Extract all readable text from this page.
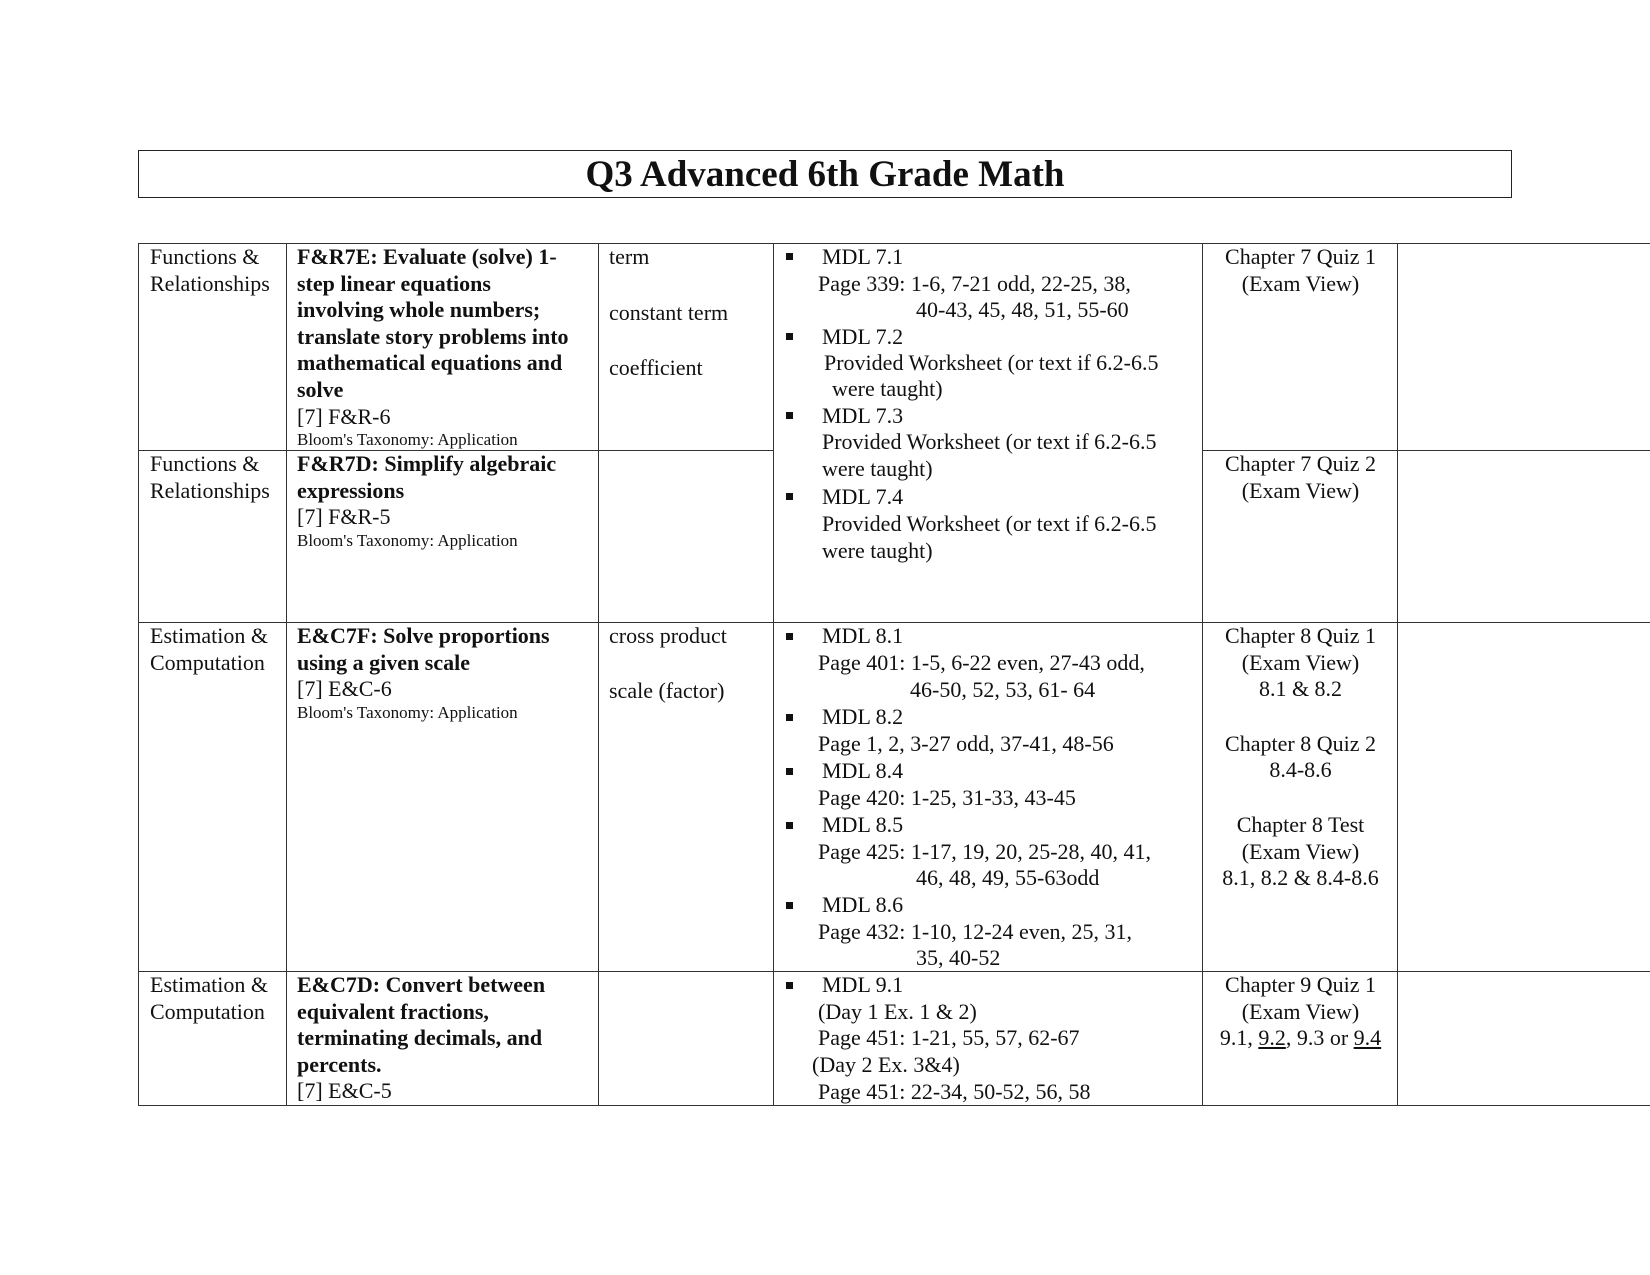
Q3 Advanced 6th Grade Math
Functions &
Relationships
F&R7E: Evaluate (solve) 1-
step linear equations
involving whole numbers;
translate story problems into
mathematical equations and
solve
[7] F&R-6
Bloom's Taxonomy: Application
term
constant term
coefficient
Chapter 7 Quiz 1
(Exam View)
Functions &
Relationships
F&R7D: Simplify algebraic
expressions
[7] F&R-5
Bloom's Taxonomy: Application
Chapter 7 Quiz 2
(Exam View)
MDL 7.1
Page 339: 1-6, 7-21 odd, 22-25, 38,
40-43, 45, 48, 51, 55-60
MDL 7.2
Provided Worksheet (or text if 6.2-6.5
were taught)
MDL 7.3
Provided Worksheet (or text if 6.2-6.5
were taught)
MDL 7.4
Provided Worksheet (or text if 6.2-6.5
were taught)
Estimation &
Computation
E&C7F: Solve proportions
using a given scale
[7] E&C-6
Bloom's Taxonomy: Application
cross product
scale (factor)
MDL 8.1
Page 401: 1-5, 6-22 even, 27-43 odd,
46-50, 52, 53, 61- 64
MDL 8.2
Page 1, 2, 3-27 odd, 37-41, 48-56
MDL 8.4
Page 420: 1-25, 31-33, 43-45
MDL 8.5
Page 425: 1-17, 19, 20, 25-28, 40, 41,
46, 48, 49, 55-63odd
MDL 8.6
Page 432: 1-10, 12-24 even, 25, 31,
35, 40-52
Chapter 8 Quiz 1
(Exam View)
8.1 & 8.2
Chapter 8 Quiz 2
8.4-8.6
Chapter 8 Test
(Exam View)
8.1, 8.2 & 8.4-8.6
Estimation &
Computation
E&C7D: Convert between
equivalent fractions,
terminating decimals, and
percents.
[7] E&C-5
MDL 9.1
(Day 1 Ex. 1 & 2)
Page 451: 1-21, 55, 57, 62-67
(Day 2 Ex. 3&4)
Page 451: 22-34, 50-52, 56, 58
Chapter 9 Quiz 1
(Exam View)
9.1, 9.2, 9.3 or 9.4
